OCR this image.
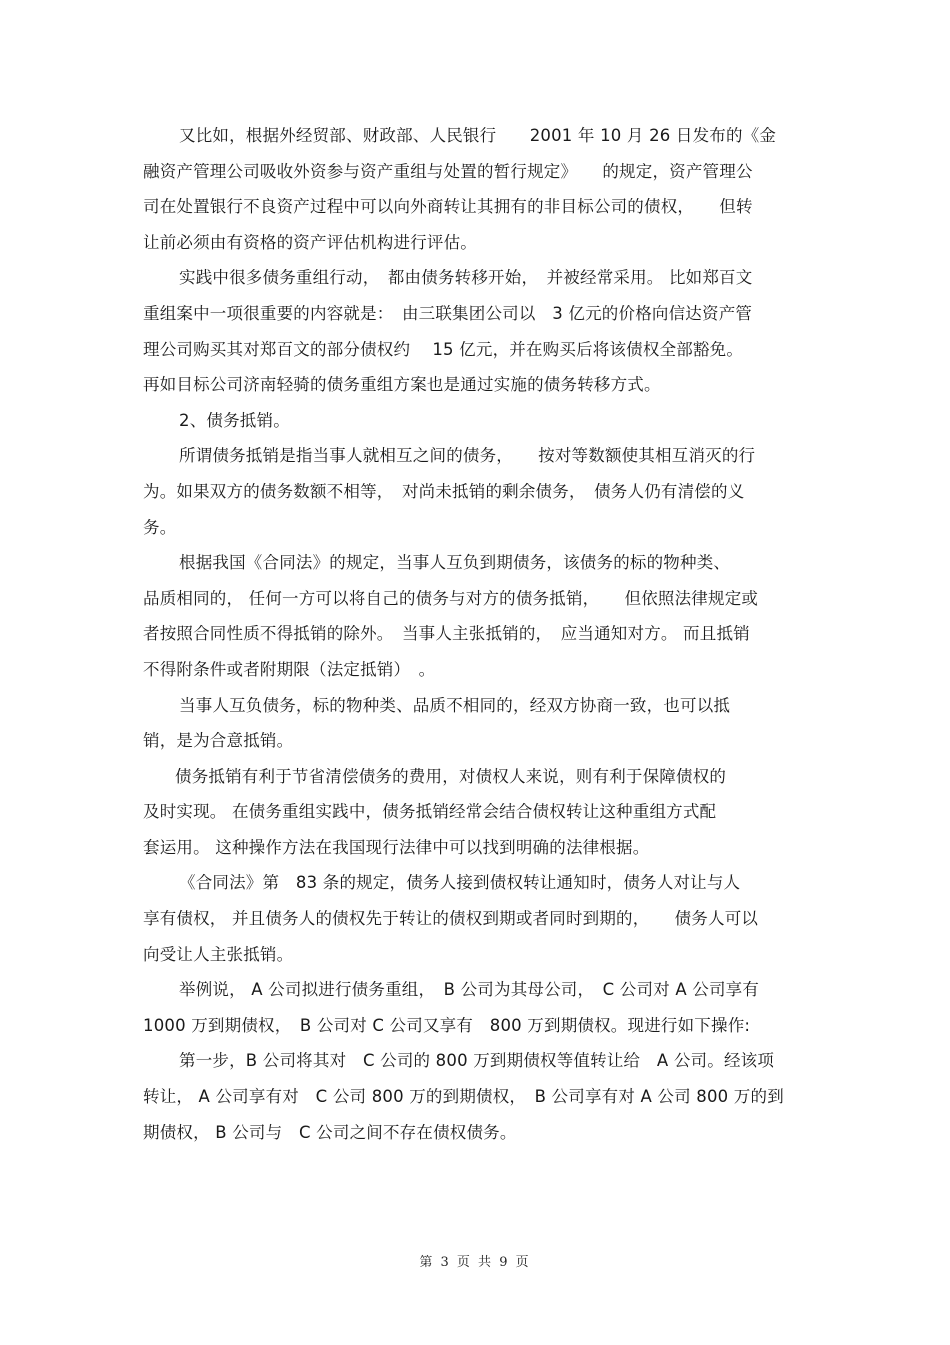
又比如，根据外经贸部、财政部、人民银行　　2001 年 10 月 26 日发布的《金
融资产管理公司吸收外资参与资产重组与处置的暂行规定》　　的规定，资产管理公
司在处置银行不良资产过程中可以向外商转让其拥有的非目标公司的债权，　　但转
让前必须由有资格的资产评估机构进行评估。

实践中很多债务重组行动，　都由债务转移开始，　并被经常采用。 比如郑百文
重组案中一项很重要的内容就是：　由三联集团公司以　3 亿元的价格向信达资产管
理公司购买其对郑百文的部分债权约　 15 亿元，并在购买后将该债权全部豁免。
再如目标公司济南轻骑的债务重组方案也是通过实施的债务转移方式。

2、债务抵销。

所谓债务抵销是指当事人就相互之间的债务，　　按对等数额使其相互消灭的行
为。如果双方的债务数额不相等，　对尚未抵销的剩余债务，　债务人仍有清偿的义
务。

根据我国《合同法》的规定，当事人互负到期债务，该债务的标的物种类、
品质相同的， 任何一方可以将自己的债务与对方的债务抵销，　　但依照法律规定或
者按照合同性质不得抵销的除外。　当事人主张抵销的，　应当通知对方。 而且抵销
不得附条件或者附期限（法定抵销）　。

当事人互负债务，标的物种类、品质不相同的，经双方协商一致，也可以抵
销，是为合意抵销。

债务抵销有利于节省清偿债务的费用，对债权人来说，则有利于保障债权的
及时实现。 在债务重组实践中，债务抵销经常会结合债权转让这种重组方式配
套运用。 这种操作方法在我国现行法律中可以找到明确的法律根据。

《合同法》第　83 条的规定，债务人接到债权转让通知时，债务人对让与人
享有债权， 并且债务人的债权先于转让的债权到期或者同时到期的，　　债务人可以
向受让人主张抵销。

举例说， A 公司拟进行债务重组，　B 公司为其母公司，　C 公司对 A 公司享有
1000 万到期债权，　B 公司对 C 公司又享有　800 万到期债权。现进行如下操作:

第一步，B 公司将其对　C 公司的 800 万到期债权等值转让给　A 公司。经该项
转让， A 公司享有对　C 公司 800 万的到期债权，　B 公司享有对 A 公司 800 万的到
期债权， B 公司与　C 公司之间不存在债权债务。

第 3 页 共 9 页
